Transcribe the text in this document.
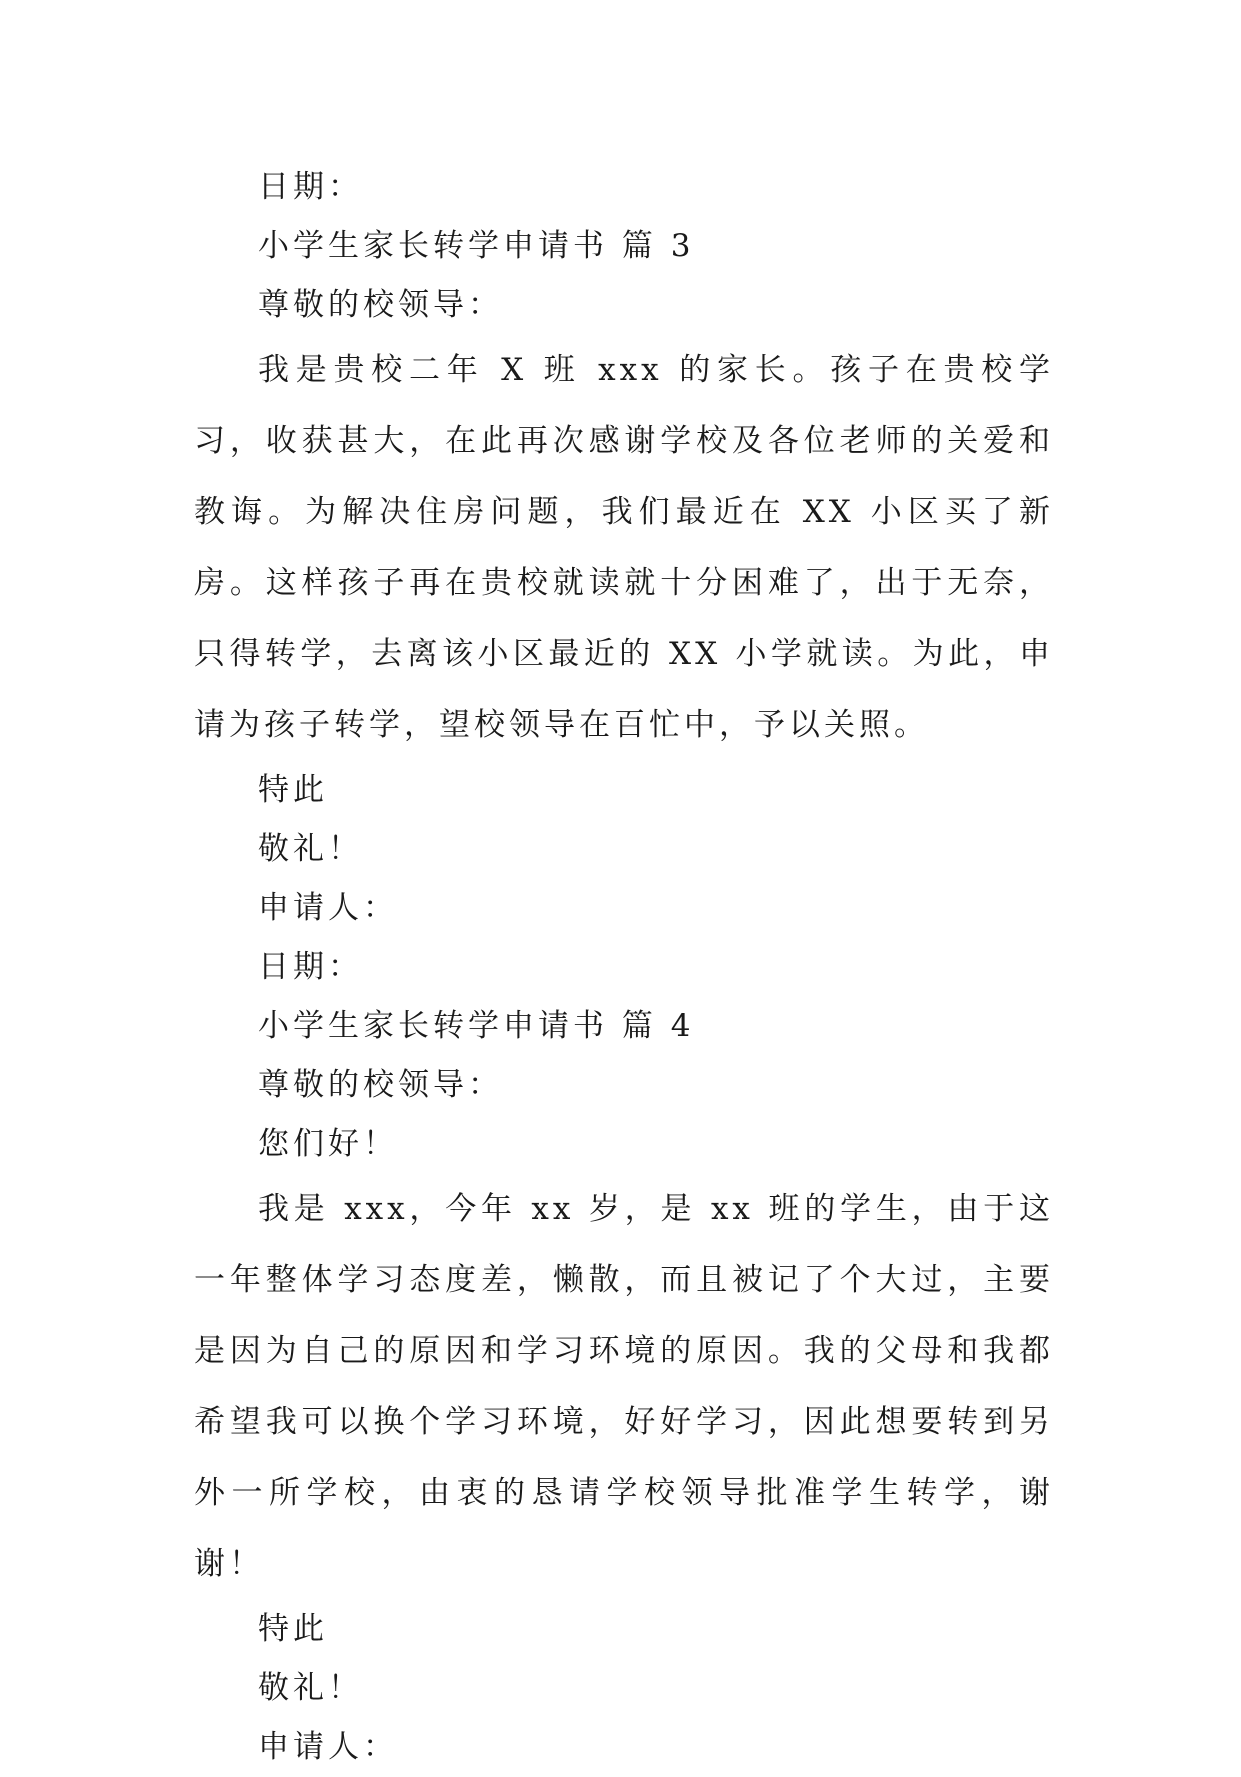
日期：

小学生家长转学申请书 篇 3

尊敬的校领导：

我是贵校二年 X 班 xxx 的家长。孩子在贵校学习，收获甚大，在此再次感谢学校及各位老师的关爱和教诲。为解决住房问题，我们最近在 XX 小区买了新房。这样孩子再在贵校就读就十分困难了，出于无奈，只得转学，去离该小区最近的 XX 小学就读。为此，申请为孩子转学，望校领导在百忙中，予以关照。

特此

敬礼！

申请人：

日期：

小学生家长转学申请书 篇 4

尊敬的校领导：

您们好！

我是 xxx，今年 xx 岁，是 xx 班的学生，由于这一年整体学习态度差，懒散，而且被记了个大过，主要是因为自己的原因和学习环境的原因。我的父母和我都希望我可以换个学习环境，好好学习，因此想要转到另外一所学校，由衷的恳请学校领导批准学生转学，谢谢！

特此

敬礼！

申请人：
